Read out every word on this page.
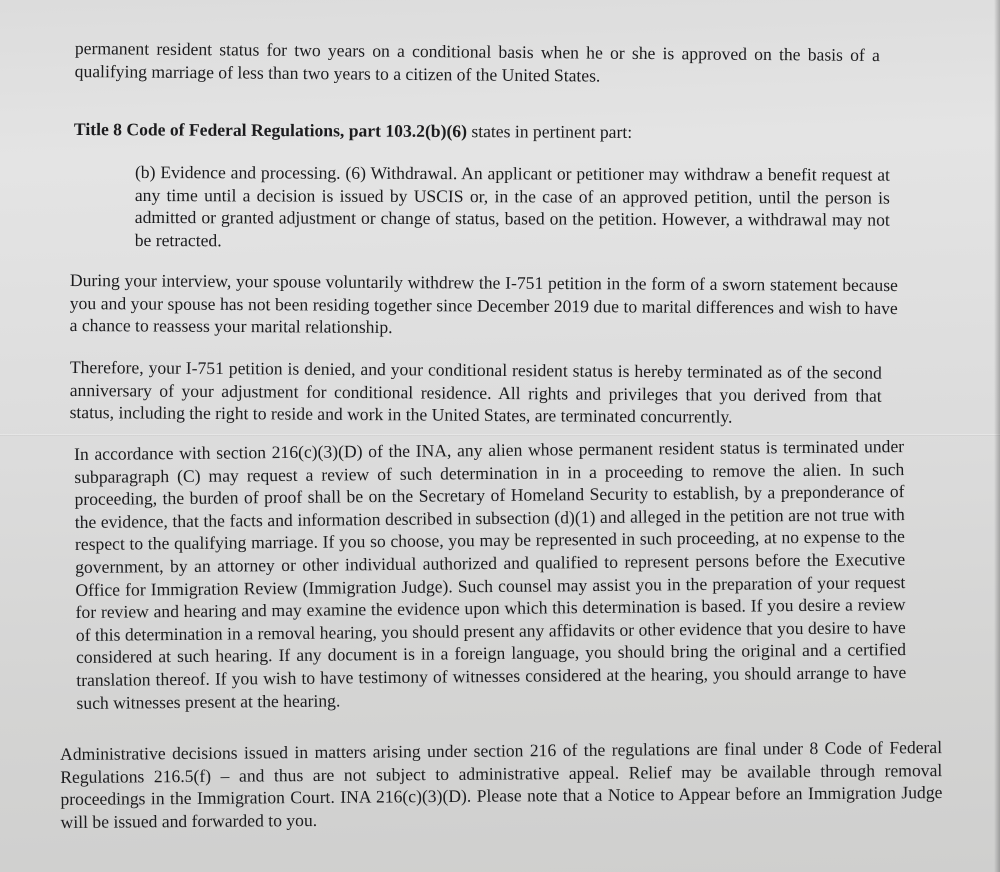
permanent resident status for two years on a conditional basis when he or she is approved on the basis of a qualifying marriage of less than two years to a citizen of the United States.

Title 8 Code of Federal Regulations, part 103.2(b)(6) states in pertinent part:

(b) Evidence and processing. (6) Withdrawal. An applicant or petitioner may withdraw a benefit request at any time until a decision is issued by USCIS or, in the case of an approved petition, until the person is admitted or granted adjustment or change of status, based on the petition. However, a withdrawal may not be retracted.

During your interview, your spouse voluntarily withdrew the I-751 petition in the form of a sworn statement because you and your spouse has not been residing together since December 2019 due to marital differences and wish to have a chance to reassess your marital relationship.

Therefore, your I-751 petition is denied, and your conditional resident status is hereby terminated as of the second anniversary of your adjustment for conditional residence. All rights and privileges that you derived from that status, including the right to reside and work in the United States, are terminated concurrently.

In accordance with section 216(c)(3)(D) of the INA, any alien whose permanent resident status is terminated under subparagraph (C) may request a review of such determination in in a proceeding to remove the alien. In such proceeding, the burden of proof shall be on the Secretary of Homeland Security to establish, by a preponderance of the evidence, that the facts and information described in subsection (d)(1) and alleged in the petition are not true with respect to the qualifying marriage. If you so choose, you may be represented in such proceeding, at no expense to the government, by an attorney or other individual authorized and qualified to represent persons before the Executive Office for Immigration Review (Immigration Judge). Such counsel may assist you in the preparation of your request for review and hearing and may examine the evidence upon which this determination is based. If you desire a review of this determination in a removal hearing, you should present any affidavits or other evidence that you desire to have considered at such hearing. If any document is in a foreign language, you should bring the original and a certified translation thereof. If you wish to have testimony of witnesses considered at the hearing, you should arrange to have such witnesses present at the hearing.

Administrative decisions issued in matters arising under section 216 of the regulations are final under 8 Code of Federal Regulations 216.5(f) – and thus are not subject to administrative appeal. Relief may be available through removal proceedings in the Immigration Court. INA 216(c)(3)(D). Please note that a Notice to Appear before an Immigration Judge will be issued and forwarded to you.
